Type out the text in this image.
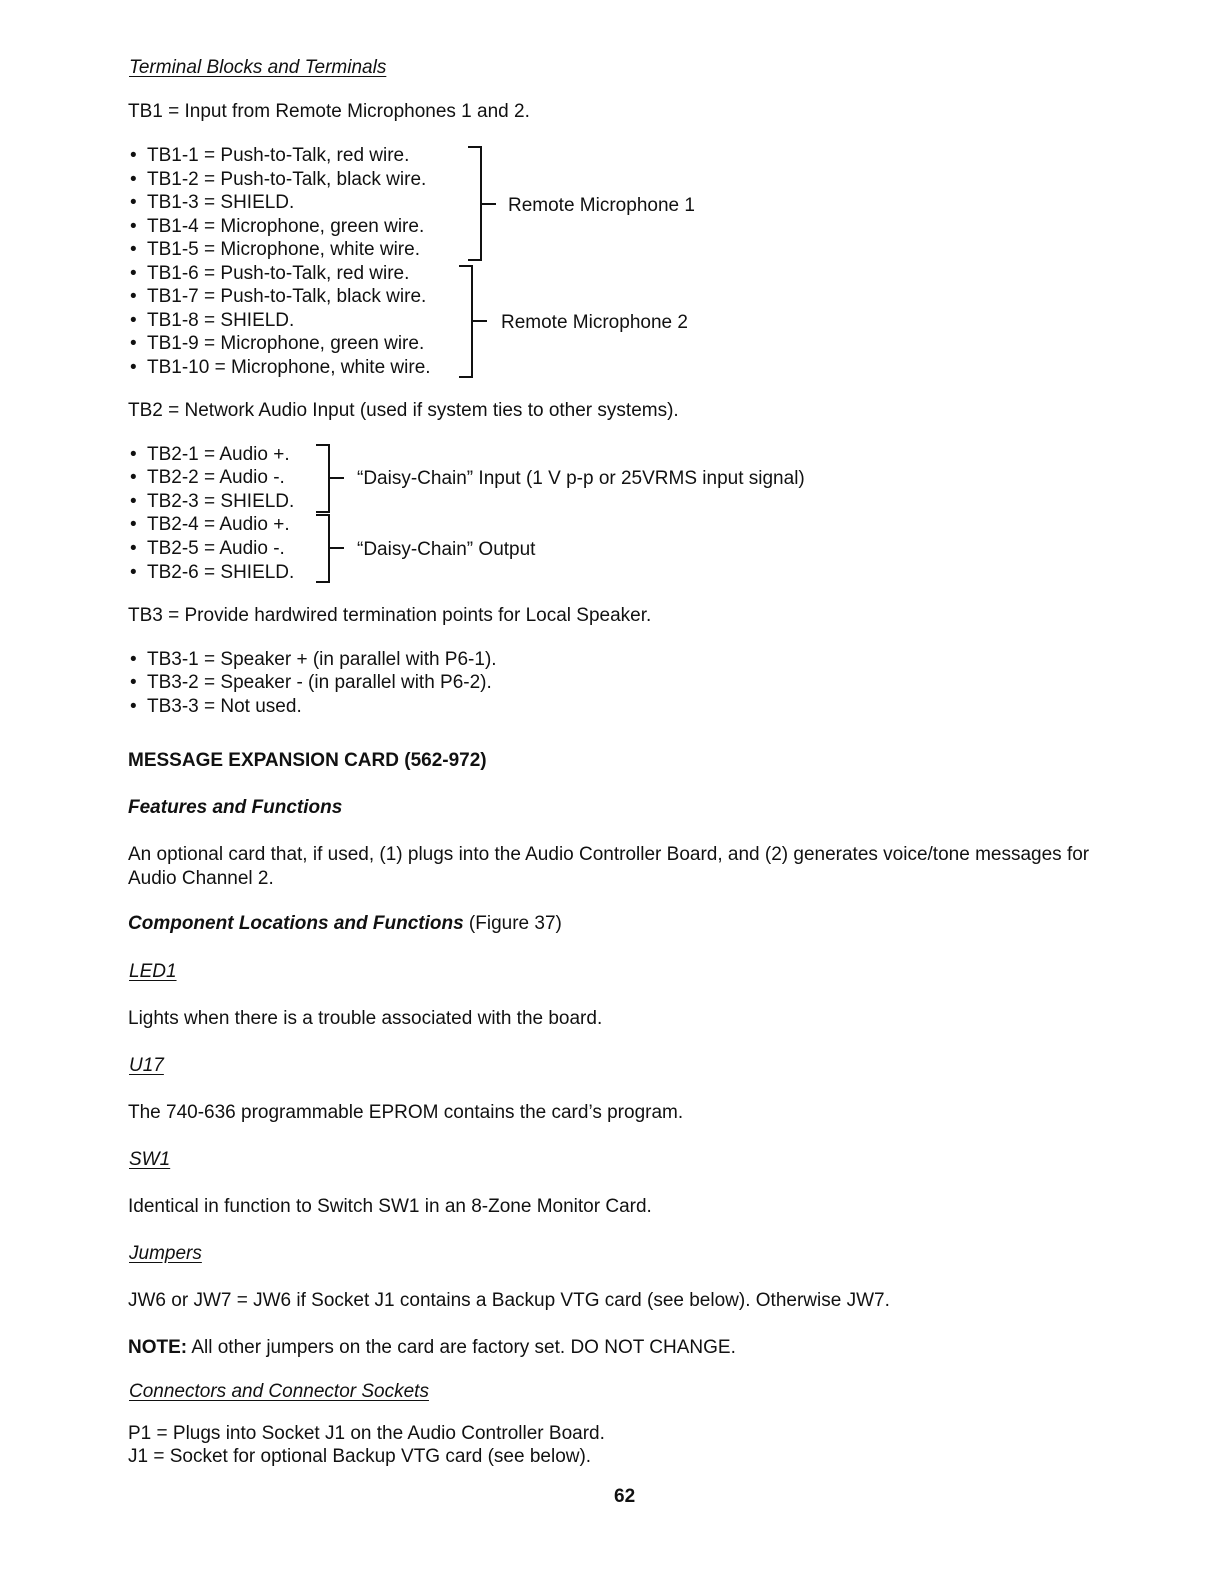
Terminal Blocks and Terminals
TB1 = Input from Remote Microphones 1 and 2.
• TB1-1 = Push-to-Talk, red wire.
• TB1-2 = Push-to-Talk, black wire.
• TB1-3 = SHIELD.
• TB1-4 = Microphone, green wire.
• TB1-5 = Microphone, white wire.
• TB1-6 = Push-to-Talk, red wire.
• TB1-7 = Push-to-Talk, black wire.
• TB1-8 = SHIELD.
• TB1-9 = Microphone, green wire.
• TB1-10 = Microphone, white wire.
Remote Microphone 1
Remote Microphone 2
TB2 = Network Audio Input (used if system ties to other systems).
• TB2-1 = Audio +.
• TB2-2 = Audio -.
• TB2-3 = SHIELD.
• TB2-4 = Audio +.
• TB2-5 = Audio -.
• TB2-6 = SHIELD.
“Daisy-Chain” Input (1 V p-p or 25VRMS input signal)
“Daisy-Chain” Output
TB3 = Provide hardwired termination points for Local Speaker.
• TB3-1 = Speaker + (in parallel with P6-1).
• TB3-2 = Speaker - (in parallel with P6-2).
• TB3-3 = Not used.
MESSAGE EXPANSION CARD (562-972)
Features and Functions
An optional card that, if used, (1) plugs into the Audio Controller Board, and (2) generates voice/tone messages for
Audio Channel 2.
Component Locations and Functions (Figure 37)
LED1
Lights when there is a trouble associated with the board.
U17
The 740-636 programmable EPROM contains the card’s program.
SW1
Identical in function to Switch SW1 in an 8-Zone Monitor Card.
Jumpers
JW6 or JW7 = JW6 if Socket J1 contains a Backup VTG card (see below). Otherwise JW7.
NOTE: All other jumpers on the card are factory set. DO NOT CHANGE.
Connectors and Connector Sockets
P1 = Plugs into Socket J1 on the Audio Controller Board.
J1 = Socket for optional Backup VTG card (see below).
62
